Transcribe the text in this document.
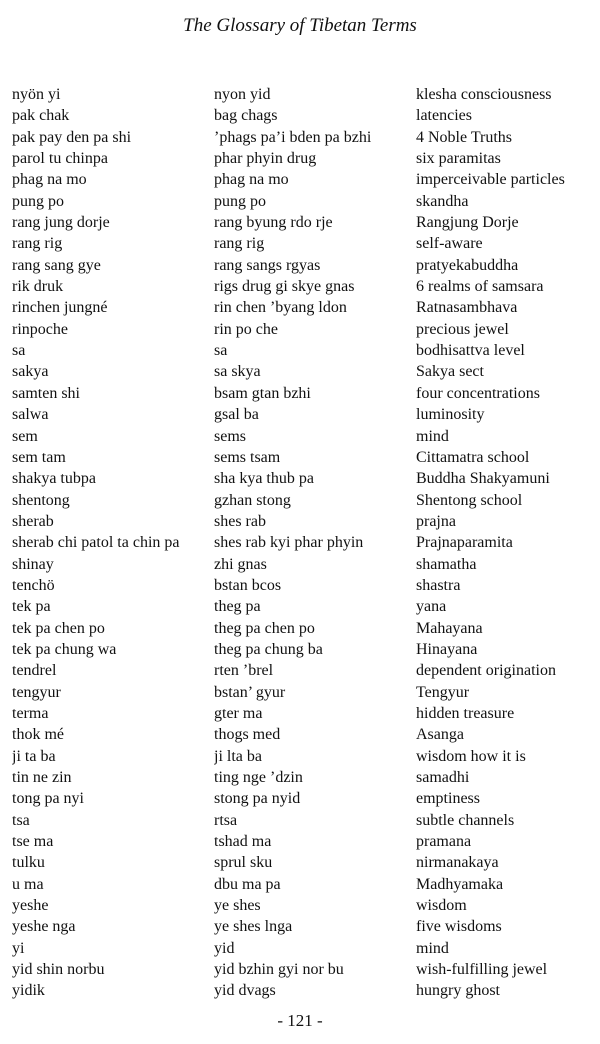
The Glossary of Tibetan Terms
nyön yi	nyon yid	klesha consciousness
pak chak	bag chags	latencies
pak pay den pa shi	’phags pa’i bden pa bzhi	4 Noble Truths
parol tu chinpa	phar phyin drug	six paramitas
phag na mo	phag na mo	imperceivable particles
pung po	pung po	skandha
rang jung dorje	rang byung rdo rje	Rangjung Dorje
rang rig	rang rig	self-aware
rang sang gye	rang sangs rgyas	pratyekabuddha
rik druk	rigs drug gi skye gnas	6 realms of samsara
rinchen jungné	rin chen ’byang ldon	Ratnasambhava
rinpoche	rin po che	precious jewel
sa	sa	bodhisattva level
sakya	sa skya	Sakya sect
samten shi	bsam gtan bzhi	four concentrations
salwa	gsal ba	luminosity
sem	sems	mind
sem tam	sems tsam	Cittamatra school
shakya tubpa	sha kya thub pa	Buddha Shakyamuni
shentong	gzhan stong	Shentong school
sherab	shes rab	prajna
sherab chi patol ta chin pa	shes rab kyi phar phyin	Prajnaparamita
shinay	zhi gnas	shamatha
tenchö	bstan bcos	shastra
tek pa	theg pa	yana
tek pa chen po	theg pa chen po	Mahayana
tek pa chung wa	theg pa chung ba	Hinayana
tendrel	rten ’brel	dependent origination
tengyur	bstan’ gyur	Tengyur
terma	gter ma	hidden treasure
thok mé	thogs med	Asanga
ji ta ba	ji lta ba	wisdom how it is
tin ne zin	ting nge ’dzin	samadhi
tong pa nyi	stong pa nyid	emptiness
tsa	rtsa	subtle channels
tse ma	tshad ma	pramana
tulku	sprul sku	nirmanakaya
u ma	dbu ma pa	Madhyamaka
yeshe	ye shes	wisdom
yeshe nga	ye shes lnga	five wisdoms
yi	yid	mind
yid shin norbu	yid bzhin gyi nor bu	wish-fulfilling jewel
yidik	yid dvags	hungry ghost
- 121 -
